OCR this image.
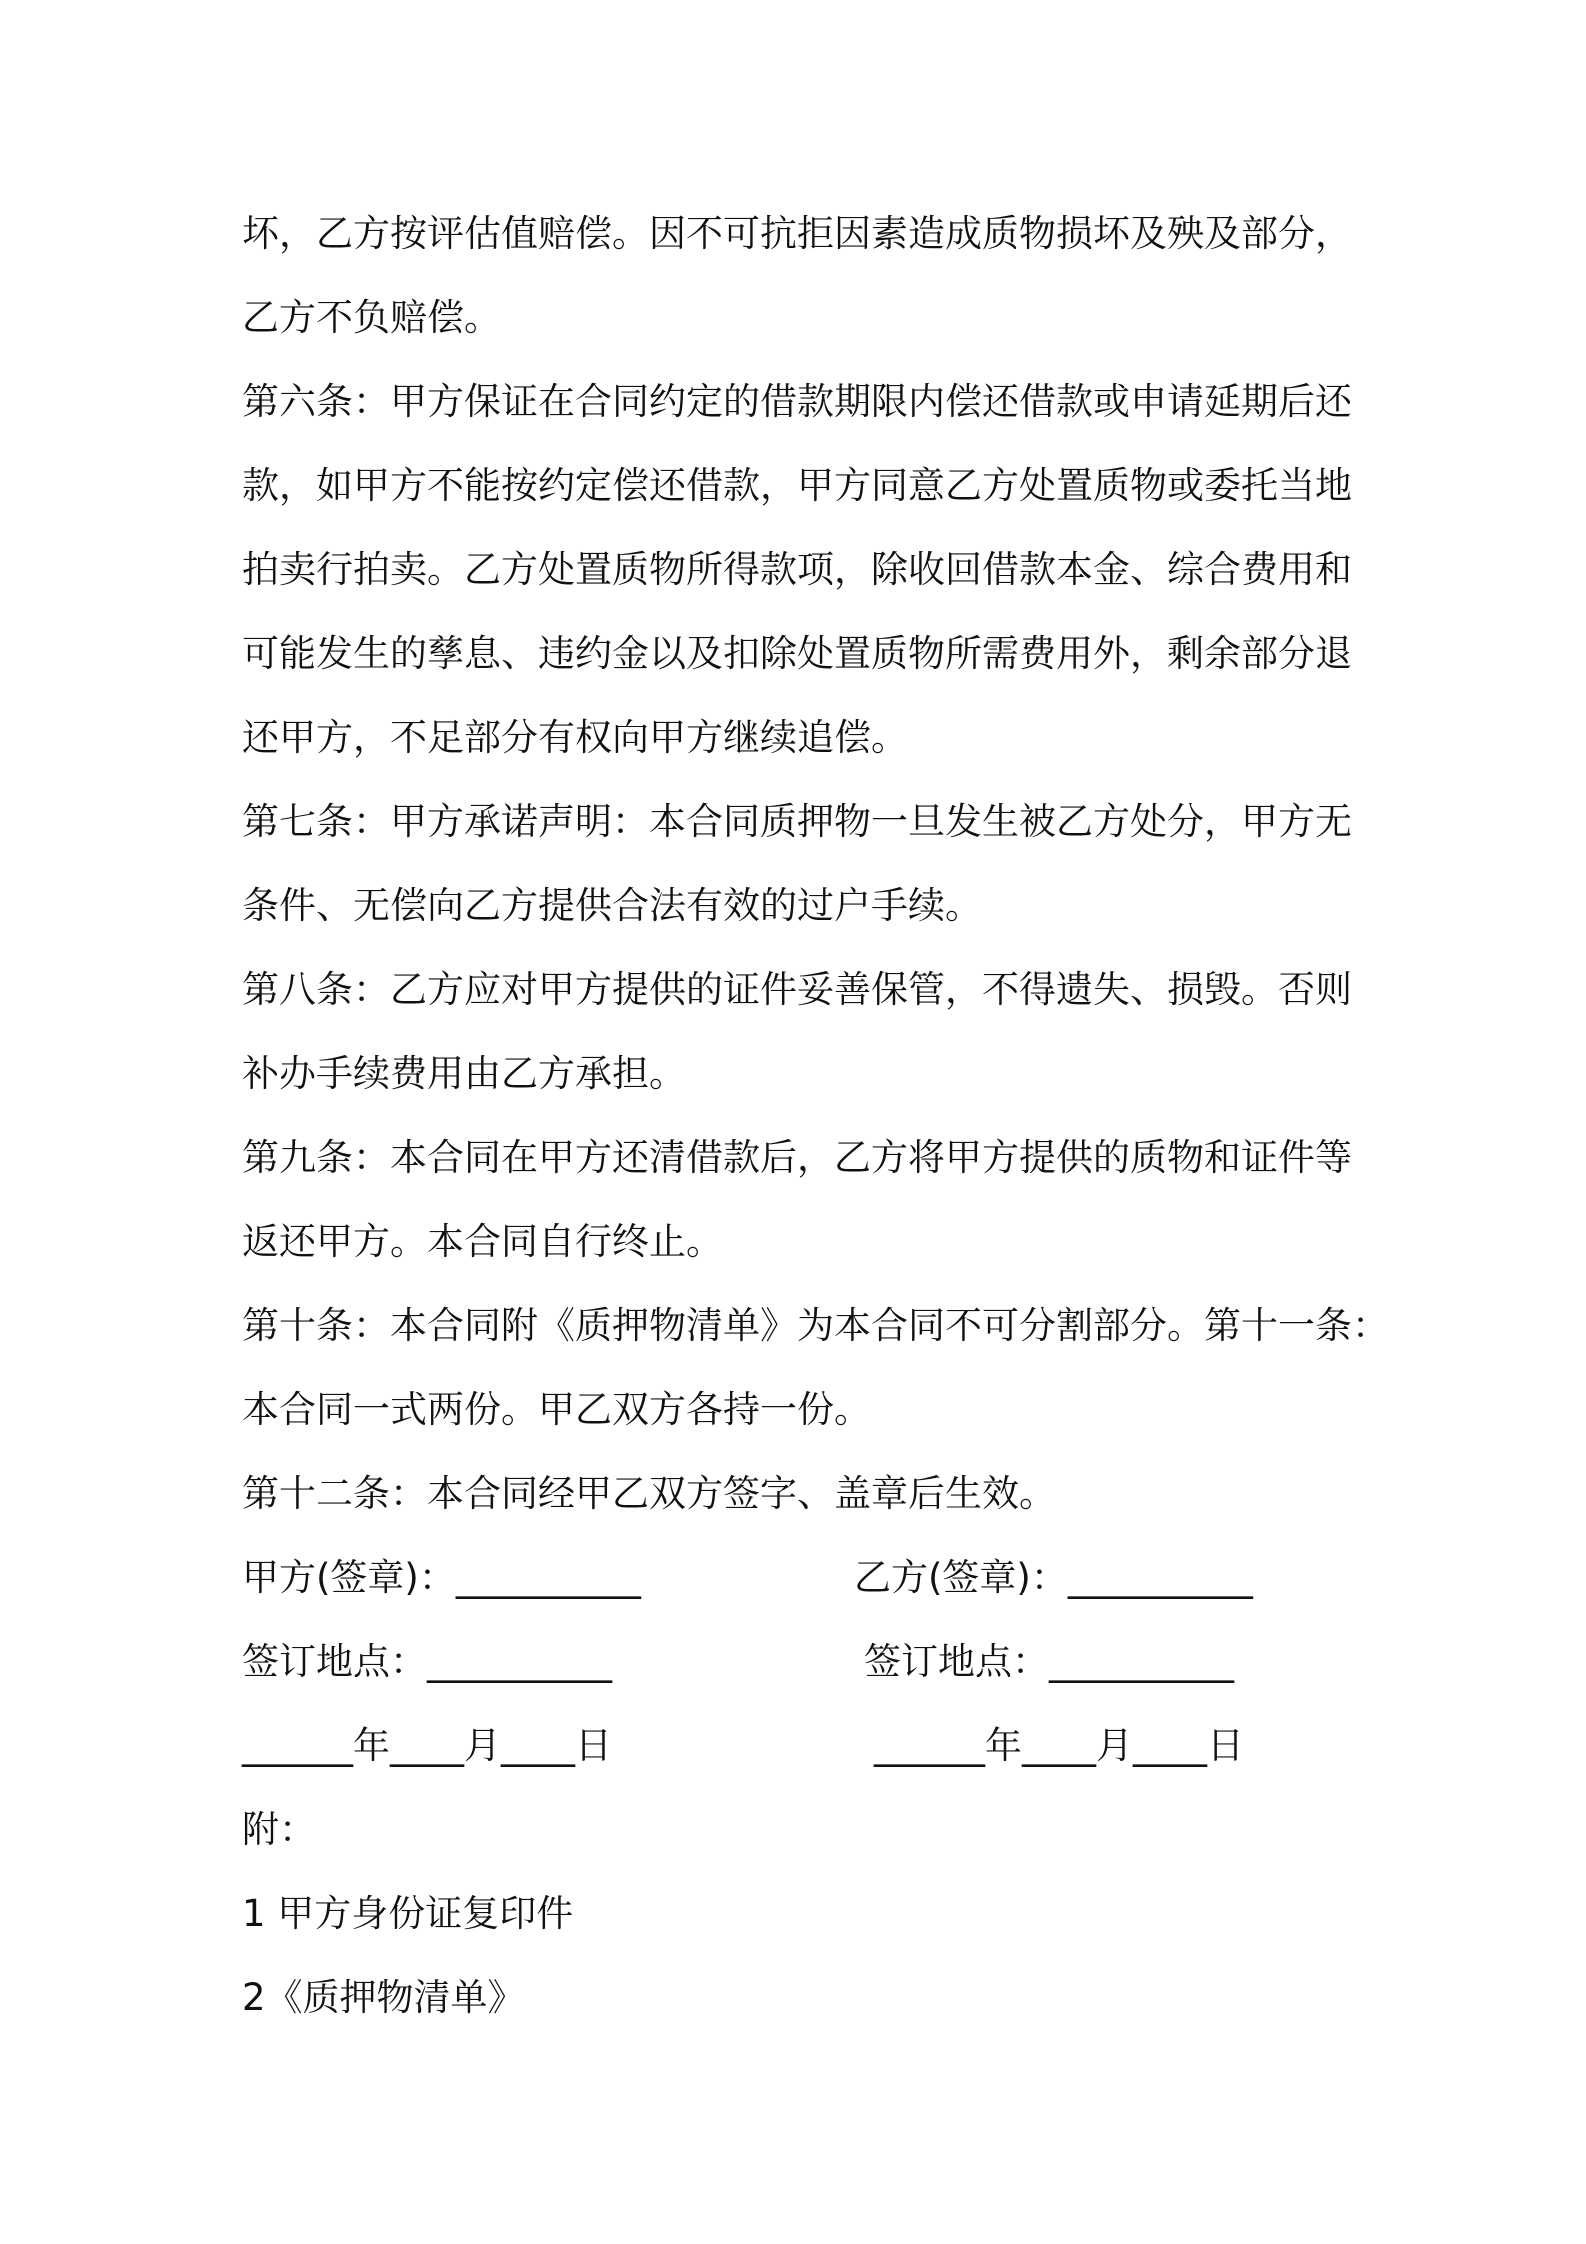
坏，乙方按评估值赔偿。因不可抗拒因素造成质物损坏及殃及部分，
乙方不负赔偿。
第六条：甲方保证在合同约定的借款期限内偿还借款或申请延期后还
款，如甲方不能按约定偿还借款，甲方同意乙方处置质物或委托当地
拍卖行拍卖。乙方处置质物所得款项，除收回借款本金、综合费用和
可能发生的孳息、违约金以及扣除处置质物所需费用外，剩余部分退
还甲方，不足部分有权向甲方继续追偿。
第七条：甲方承诺声明：本合同质押物一旦发生被乙方处分，甲方无
条件、无偿向乙方提供合法有效的过户手续。
第八条：乙方应对甲方提供的证件妥善保管，不得遗失、损毁。否则
补办手续费用由乙方承担。
第九条：本合同在甲方还清借款后，乙方将甲方提供的质物和证件等
返还甲方。本合同自行终止。
第十条：本合同附《质押物清单》为本合同不可分割部分。第十一条：
本合同一式两份。甲乙双方各持一份。
第十二条：本合同经甲乙双方签字、盖章后生效。
甲方(签章)：__________	乙方(签章)：__________
签订地点：__________	签订地点：__________
______年____月____日	______年____月____日
附：
1 甲方身份证复印件
2《质押物清单》
